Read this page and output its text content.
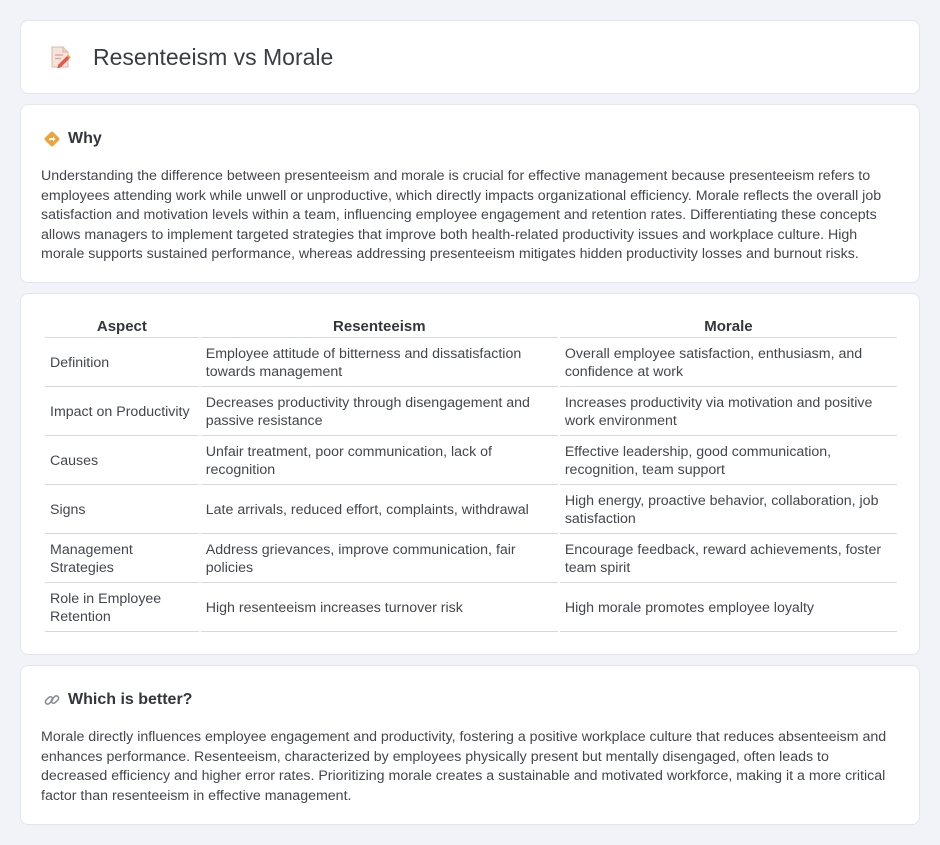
Resenteeism vs Morale
Why

Understanding the difference between presenteeism and morale is crucial for effective management because presenteeism refers to employees attending work while unwell or unproductive, which directly impacts organizational efficiency. Morale reflects the overall job satisfaction and motivation levels within a team, influencing employee engagement and retention rates. Differentiating these concepts allows managers to implement targeted strategies that improve both health-related productivity issues and workplace culture. High morale supports sustained performance, whereas addressing presenteeism mitigates hidden productivity losses and burnout risks.

Aspect	Resenteeism	Morale
Definition	Employee attitude of bitterness and dissatisfaction towards management	Overall employee satisfaction, enthusiasm, and confidence at work
Impact on Productivity	Decreases productivity through disengagement and passive resistance	Increases productivity via motivation and positive work environment
Causes	Unfair treatment, poor communication, lack of recognition	Effective leadership, good communication, recognition, team support
Signs	Late arrivals, reduced effort, complaints, withdrawal	High energy, proactive behavior, collaboration, job satisfaction
Management Strategies	Address grievances, improve communication, fair policies	Encourage feedback, reward achievements, foster team spirit
Role in Employee Retention	High resenteeism increases turnover risk	High morale promotes employee loyalty
Which is better?

Morale directly influences employee engagement and productivity, fostering a positive workplace culture that reduces absenteeism and enhances performance. Resenteeism, characterized by employees physically present but mentally disengaged, often leads to decreased efficiency and higher error rates. Prioritizing morale creates a sustainable and motivated workforce, making it a more critical factor than resenteeism in effective management.
